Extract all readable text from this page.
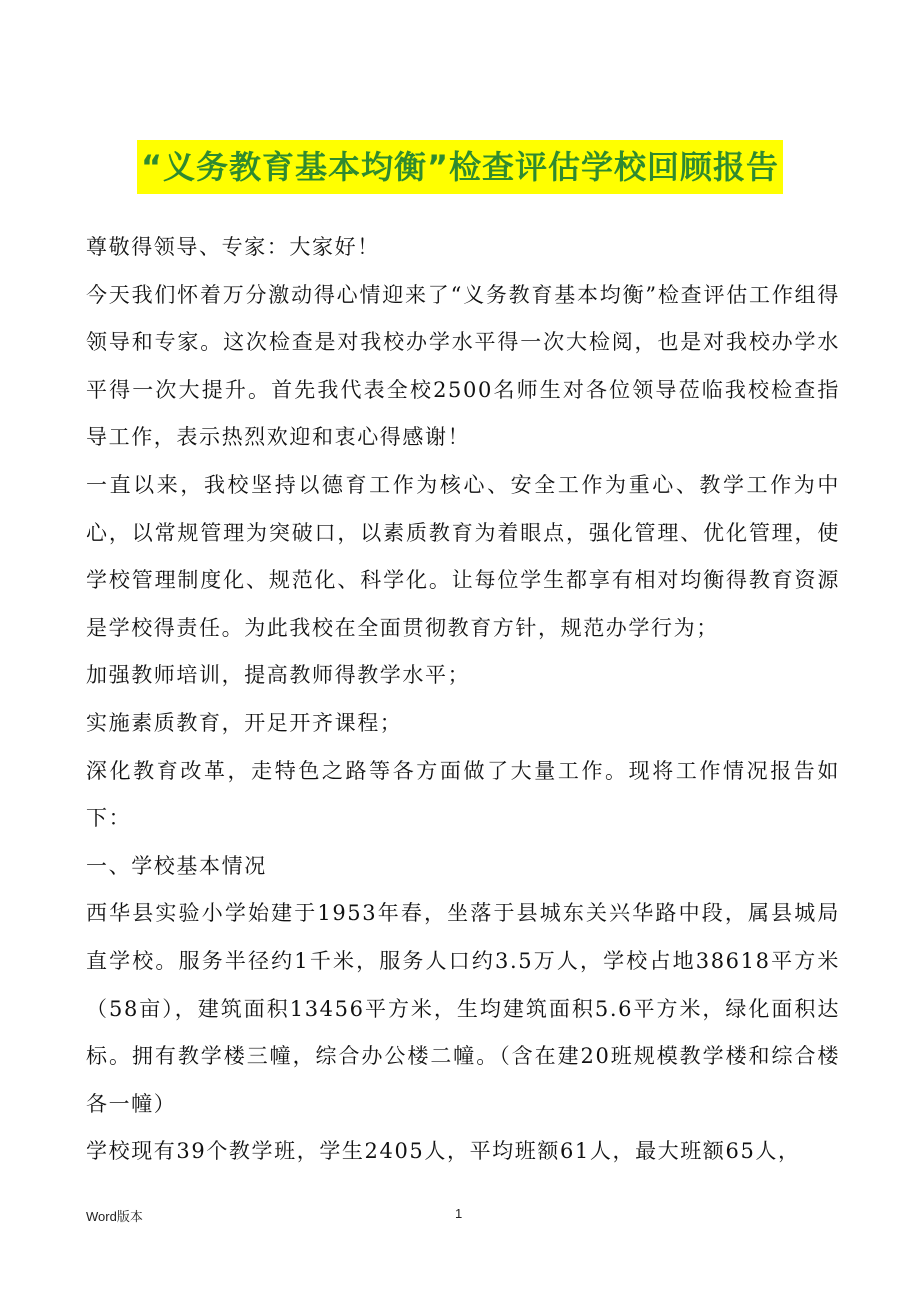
“义务教育基本均衡”检查评估学校回顾报告

尊敬得领导、专家：大家好！

今天我们怀着万分激动得心情迎来了“义务教育基本均衡”检查评估工作组得领导和专家。这次检查是对我校办学水平得一次大检阅，也是对我校办学水平得一次大提升。首先我代表全校2500名师生对各位领导莅临我校检查指导工作，表示热烈欢迎和衷心得感谢！

一直以来，我校坚持以德育工作为核心、安全工作为重心、教学工作为中心，以常规管理为突破口，以素质教育为着眼点，强化管理、优化管理，使学校管理制度化、规范化、科学化。让每位学生都享有相对均衡得教育资源是学校得责任。为此我校在全面贯彻教育方针，规范办学行为；

加强教师培训，提高教师得教学水平；

实施素质教育，开足开齐课程；

深化教育改革，走特色之路等各方面做了大量工作。现将工作情况报告如下：

一、学校基本情况

西华县实验小学始建于1953年春，坐落于县城东关兴华路中段，属县城局直学校。服务半径约1千米，服务人口约3.5万人，学校占地38618平方米（58亩），建筑面积13456平方米，生均建筑面积5.6平方米，绿化面积达标。拥有教学楼三幢，综合办公楼二幢。（含在建20班规模教学楼和综合楼各一幢）

学校现有39个教学班，学生2405人，平均班额61人，最大班额65人，

Word版本	1
